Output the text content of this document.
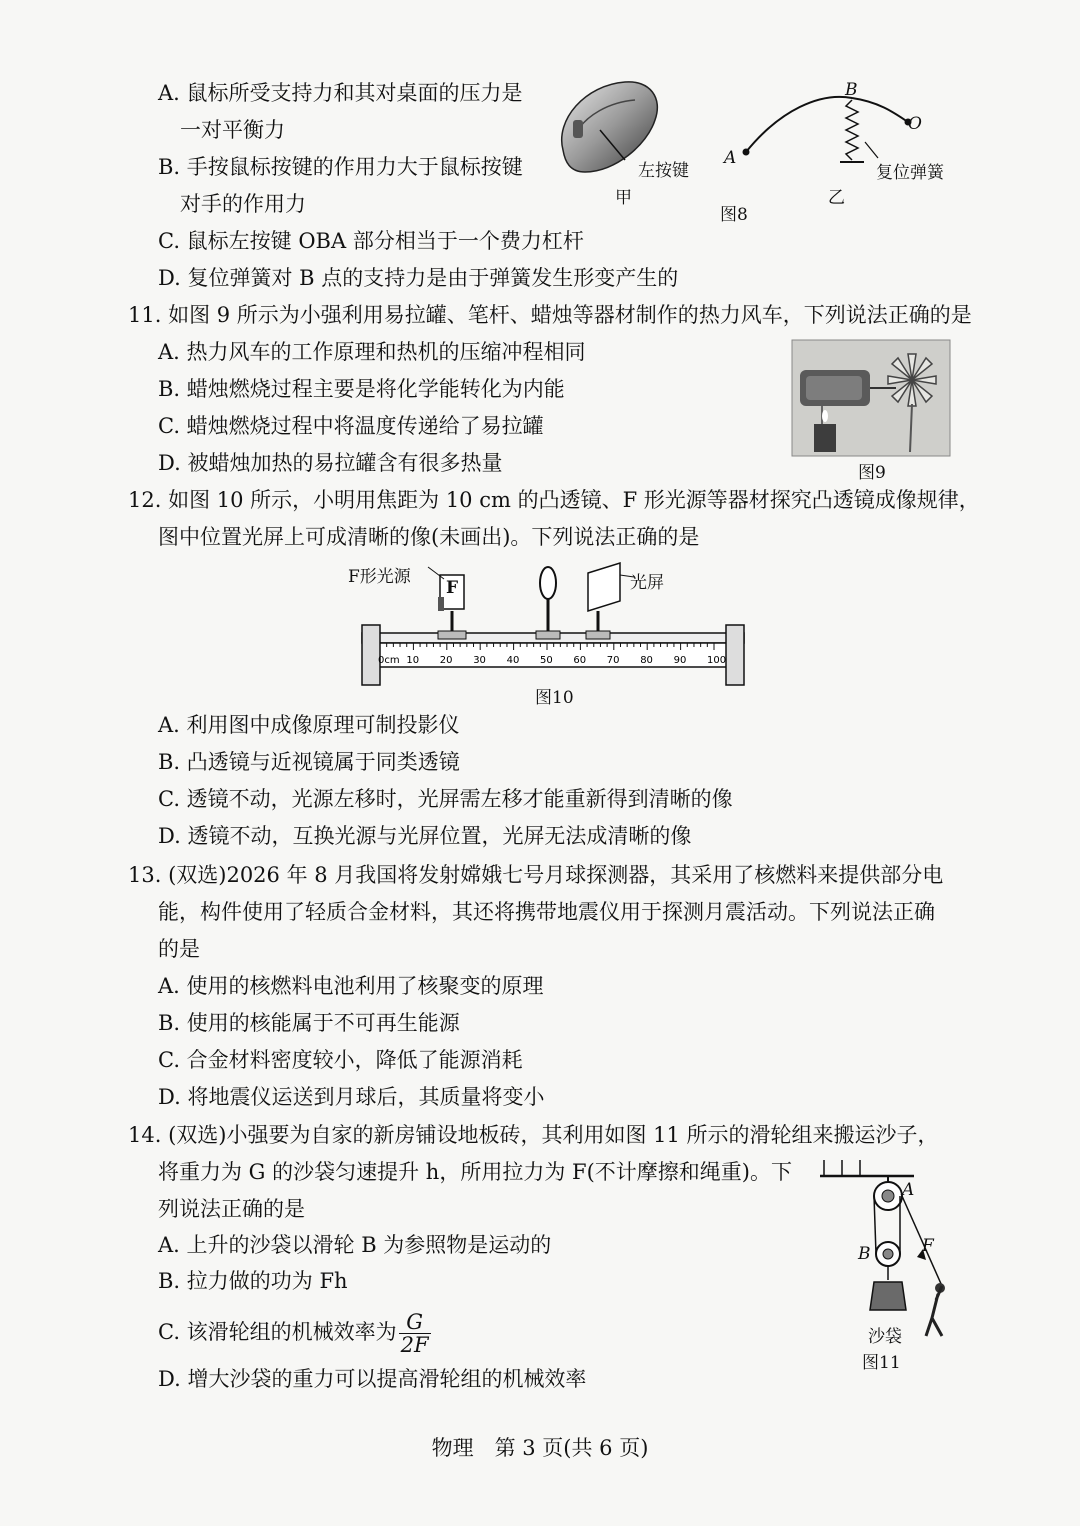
A. 鼠标所受支持力和其对桌面的压力是
一对平衡力
B. 手按鼠标按键的作用力大于鼠标按键
对手的作用力
C. 鼠标左按键 OBA 部分相当于一个费力杠杆
D. 复位弹簧对 B 点的支持力是由于弹簧发生形变产生的
左按键
甲
A
B
O
复位弹簧
乙
图8
11. 如图 9 所示为小强利用易拉罐、笔杆、蜡烛等器材制作的热力风车，下列说法正确的是
A. 热力风车的工作原理和热机的压缩冲程相同
B. 蜡烛燃烧过程主要是将化学能转化为内能
C. 蜡烛燃烧过程中将温度传递给了易拉罐
D. 被蜡烛加热的易拉罐含有很多热量	图9
12. 如图 10 所示，小明用焦距为 10 cm 的凸透镜、F 形光源等器材探究凸透镜成像规律，
图中位置光屏上可成清晰的像(未画出)。下列说法正确的是
0cm 10 20 30 40 50 60 70 80 90 100
F形光源
F	光屏
图10
A. 利用图中成像原理可制投影仪
B. 凸透镜与近视镜属于同类透镜
C. 透镜不动，光源左移时，光屏需左移才能重新得到清晰的像
D. 透镜不动，互换光源与光屏位置，光屏无法成清晰的像
13. (双选)2026 年 8 月我国将发射嫦娥七号月球探测器，其采用了核燃料来提供部分电
能，构件使用了轻质合金材料，其还将携带地震仪用于探测月震活动。下列说法正确
的是
A. 使用的核燃料电池利用了核聚变的原理
B. 使用的核能属于不可再生能源
C. 合金材料密度较小，降低了能源消耗
D. 将地震仪运送到月球后，其质量将变小
14. (双选)小强要为自家的新房铺设地板砖，其利用如图 11 所示的滑轮组来搬运沙子，
将重力为 G 的沙袋匀速提升 h，所用拉力为 F(不计摩擦和绳重)。下
列说法正确的是
A. 上升的沙袋以滑轮 B 为参照物是运动的
B. 拉力做的功为 Fh
C. 该滑轮组的机械效率为 $\frac{G}{2F}$
D. 增大沙袋的重力可以提高滑轮组的机械效率
A
B	F
沙袋
图11
物理　第 3 页(共 6 页)
